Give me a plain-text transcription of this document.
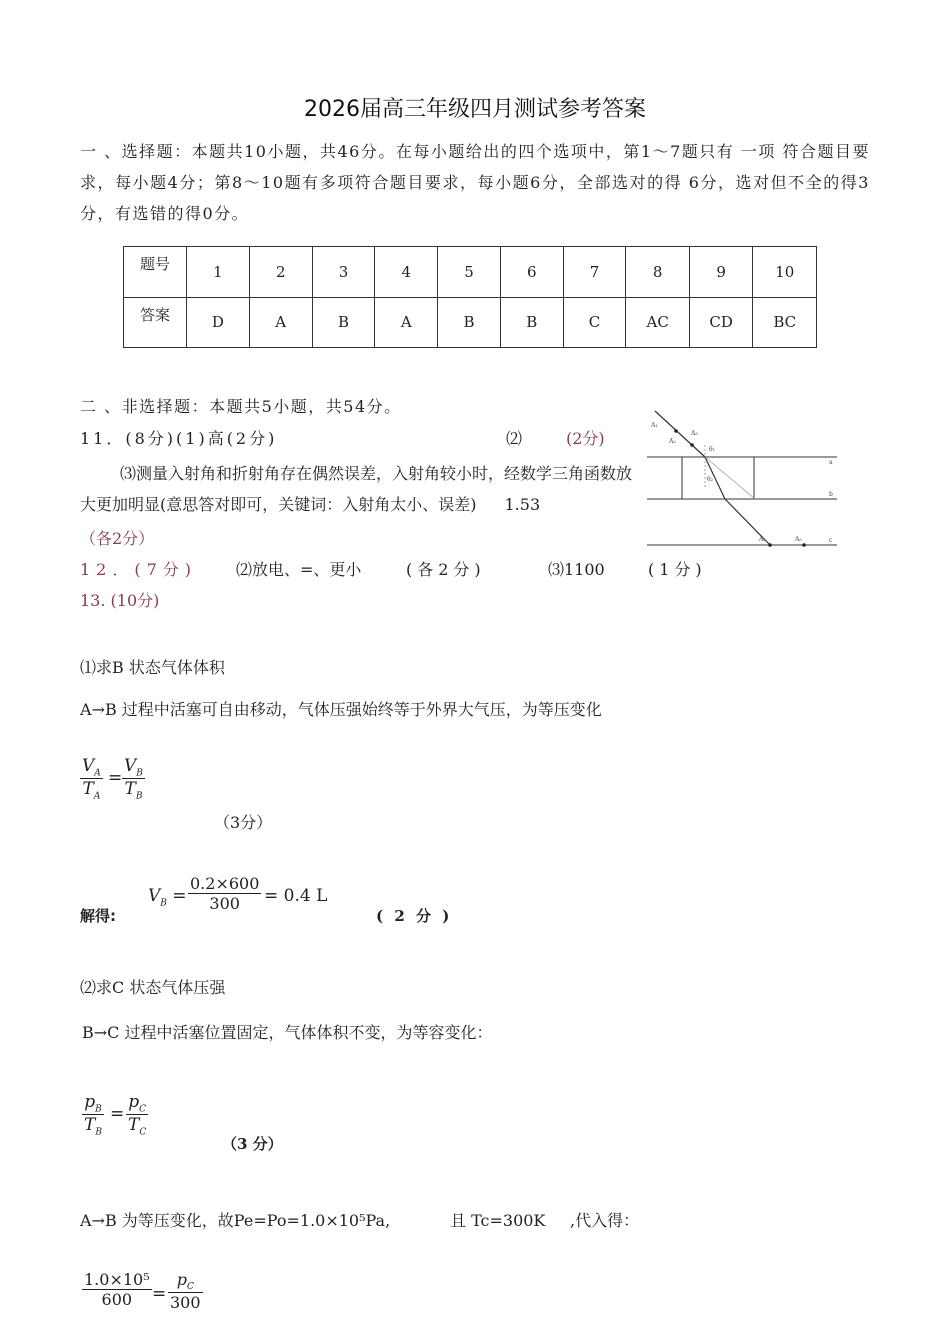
2026届高三年级四月测试参考答案
一 、选择题：本题共10小题，共46分。在每小题给出的四个选项中，第1～7题只有 一项 符合题目要求，每小题4分；第8～10题有多项符合题目要求，每小题6分，全部选对的得 6分，选对但不全的得3分，有选错的得0分。
题号	1	2	3	4	5	6	7	8	9	10
答案	D	A	B	A	B	B	C	AC	CD	BC
二 、非选择题：本题共5小题，共54分。
11．(8分)(1)高(2分)	⑵	(2分)
⑶测量入射角和折射角存在偶然误差，入射角较小时，经数学三角函数放大更加明显(意思答对即可，关键词：入射角太小、误差) 1.53
（各2分）
12．(7分) ⑵放电、=、更小	(各2分)	⑶1100	(1分)
13. (10分)
A₁
A₂
A₃
θ₁
θ₂
A₄	A₅
a
b
c
⑴求B 状态气体体积
A→B 过程中活塞可自由移动，气体压强始终等于外界大气压，为等压变化
$V_A$
$T_A$
=
$V_B$
$T_B$
（3分）
解得:
$V_B$ =
0.2×600
300 = 0.4 L
( 2 分 )
⑵求C 状态气体压强
B→C 过程中活塞位置固定，气体体积不变，为等容变化：
$p_B$
$T_B$
=
$p_C$
$T_C$
（3 分）
A→B 为等压变化，故Pe=Po=1.0×10⁵Pa,	且 Tc=300K ,代入得：
1.0×10⁵
600 =
$p_C$
300
